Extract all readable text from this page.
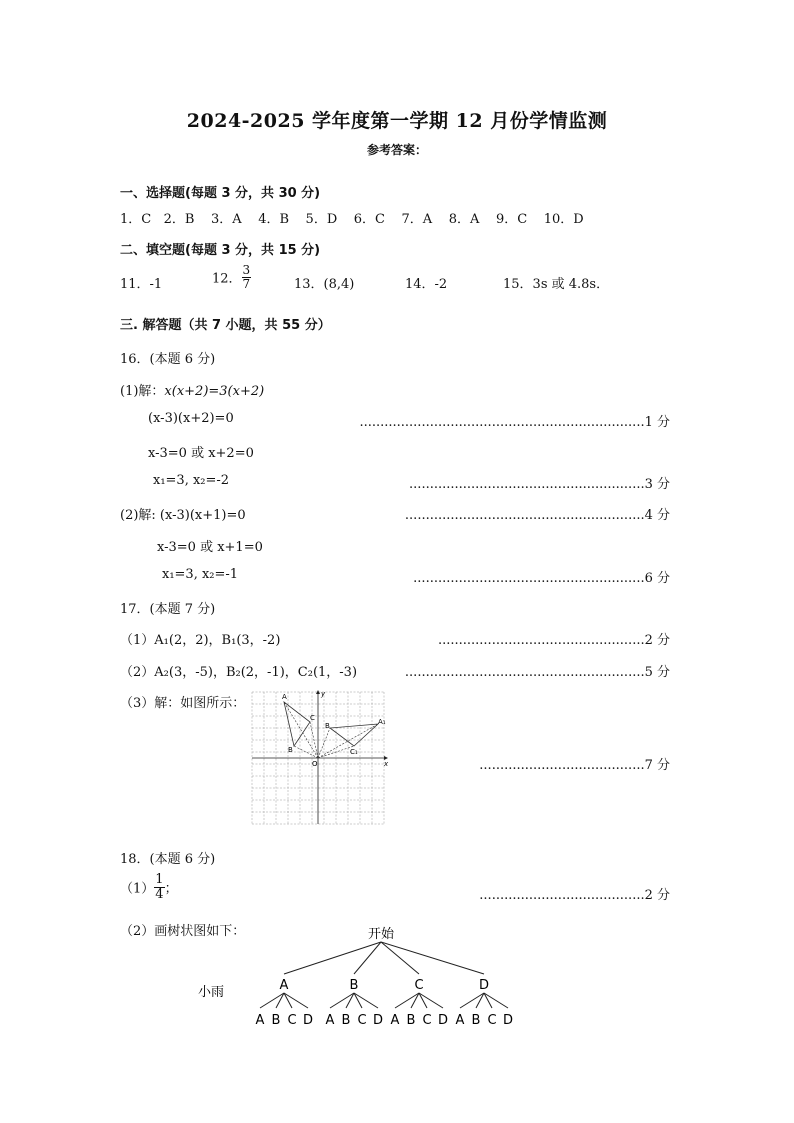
2024-2025 学年度第一学期 12 月份学情监测
参考答案：
一、选择题(每题 3 分，共 30 分)
1．C 2．B 3．A 4．B 5．D 6．C 7．A 8．A 9．C 10．D
二、填空题(每题 3 分，共 15 分)
11．-1	12． $\frac{3}{7}$	13．(8,4)	14．-2	15．3s 或 4.8s．
三. 解答题（共 7 小题，共 55 分）
16．(本题 6 分)
(1)解：x(x+2)=3(x+2)
(x-3)(x+2)=0	.....................................................................1 分
x-3=0 或 x+2=0
x₁=3, x₂=-2	.........................................................3 分
(2)解: (x-3)(x+1)=0	..........................................................4 分
x-3=0 或 x+1=0
x₁=3, x₂=-1	........................................................6 分
17．(本题 7 分)
（1）A₁(2，2)，B₁(3，-2)	..................................................2 分
（2）A₂(3，-5)，B₂(2，-1)，C₂(1，-3)	..........................................................5 分
（3）解：如图所示：
........................................7 分
A
B
C
O	x
y
A₁
B
C₁
18．(本题 6 分)
$(1) \frac{1}{4}$ ；	........................................2 分
（2）画树状图如下：	开始
小雨	A
A B C D
B
A B C D
C
A B C D
D
A B C D
